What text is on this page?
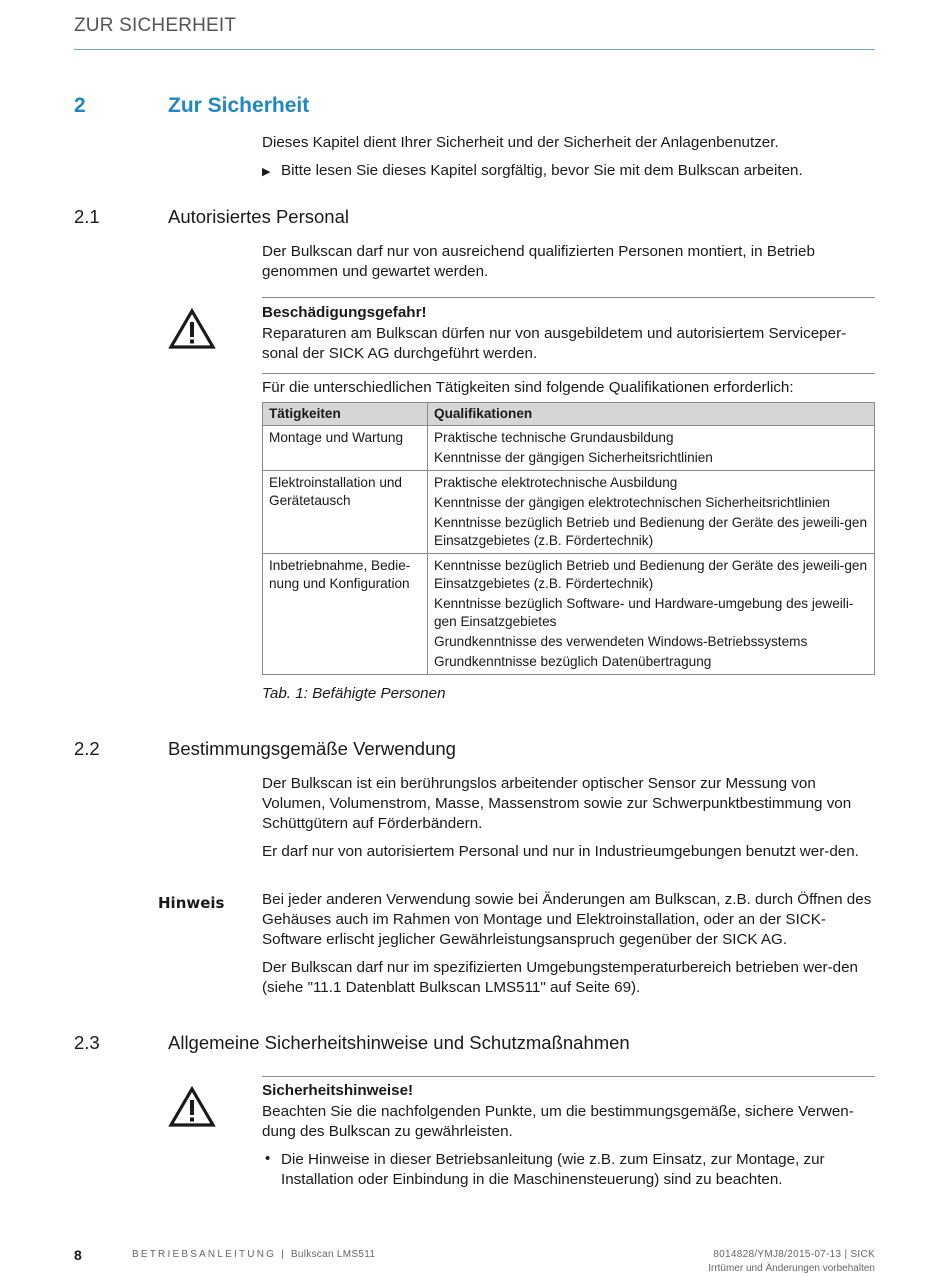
ZUR SICHERHEIT
2	Zur Sicherheit
Dieses Kapitel dient Ihrer Sicherheit und der Sicherheit der Anlagenbenutzer.
▶ Bitte lesen Sie dieses Kapitel sorgfältig, bevor Sie mit dem Bulkscan arbeiten.
2.1	Autorisiertes Personal
Der Bulkscan darf nur von ausreichend qualifizierten Personen montiert, in Betrieb genommen und gewartet werden.
Beschädigungsgefahr!
Reparaturen am Bulkscan dürfen nur von ausgebildetem und autorisiertem Serviceper-
sonal der SICK AG durchgeführt werden.
Für die unterschiedlichen Tätigkeiten sind folgende Qualifikationen erforderlich:
Tätigkeiten	Qualifikationen
Montage und Wartung	Praktische technische Grundausbildung
Kenntnisse der gängigen Sicherheitsrichtlinien

Elektroinstallation und Gerätetausch	Praktische elektrotechnische Ausbildung
Kenntnisse der gängigen elektrotechnischen Sicherheitsrichtlinien
Kenntnisse bezüglich Betrieb und Bedienung der Geräte des jeweili-gen Einsatzgebietes (z.B. Fördertechnik)

Inbetriebnahme, Bedie-nung und Konfiguration	Kenntnisse bezüglich Betrieb und Bedienung der Geräte des jeweili-gen Einsatzgebietes (z.B. Fördertechnik)
Kenntnisse bezüglich Software- und Hardware-umgebung des jeweili-gen Einsatzgebietes
Grundkenntnisse des verwendeten Windows-Betriebssystems
Grundkenntnisse bezüglich Datenübertragung
Tab. 1: Befähigte Personen
2.2	Bestimmungsgemäße Verwendung
Der Bulkscan ist ein berührungslos arbeitender optischer Sensor zur Messung von Volumen, Volumenstrom, Masse, Massenstrom sowie zur Schwerpunktbestimmung von Schüttgütern auf Förderbändern.
Er darf nur von autorisiertem Personal und nur in Industrieumgebungen benutzt wer-den.
Hinweis Bei jeder anderen Verwendung sowie bei Änderungen am Bulkscan, z.B. durch Öffnen des Gehäuses auch im Rahmen von Montage und Elektroinstallation, oder an der SICK-Software erlischt jeglicher Gewährleistungsanspruch gegenüber der SICK AG.
Der Bulkscan darf nur im spezifizierten Umgebungstemperaturbereich betrieben wer-den (siehe "11.1 Datenblatt Bulkscan LMS511" auf Seite 69).
2.3	Allgemeine Sicherheitshinweise und Schutzmaßnahmen
Sicherheitshinweise!
Beachten Sie die nachfolgenden Punkte, um die bestimmungsgemäße, sichere Verwen-dung des Bulkscan zu gewährleisten.
• Die Hinweise in dieser Betriebsanleitung (wie z.B. zum Einsatz, zur Montage, zur Installation oder Einbindung in die Maschinensteuerung) sind zu beachten.
8	BETRIEBSANLEITUNG | Bulkscan LMS511	8014828/YMJ8/2015-07-13 | SICK
Irrtümer und Änderungen vorbehalten
